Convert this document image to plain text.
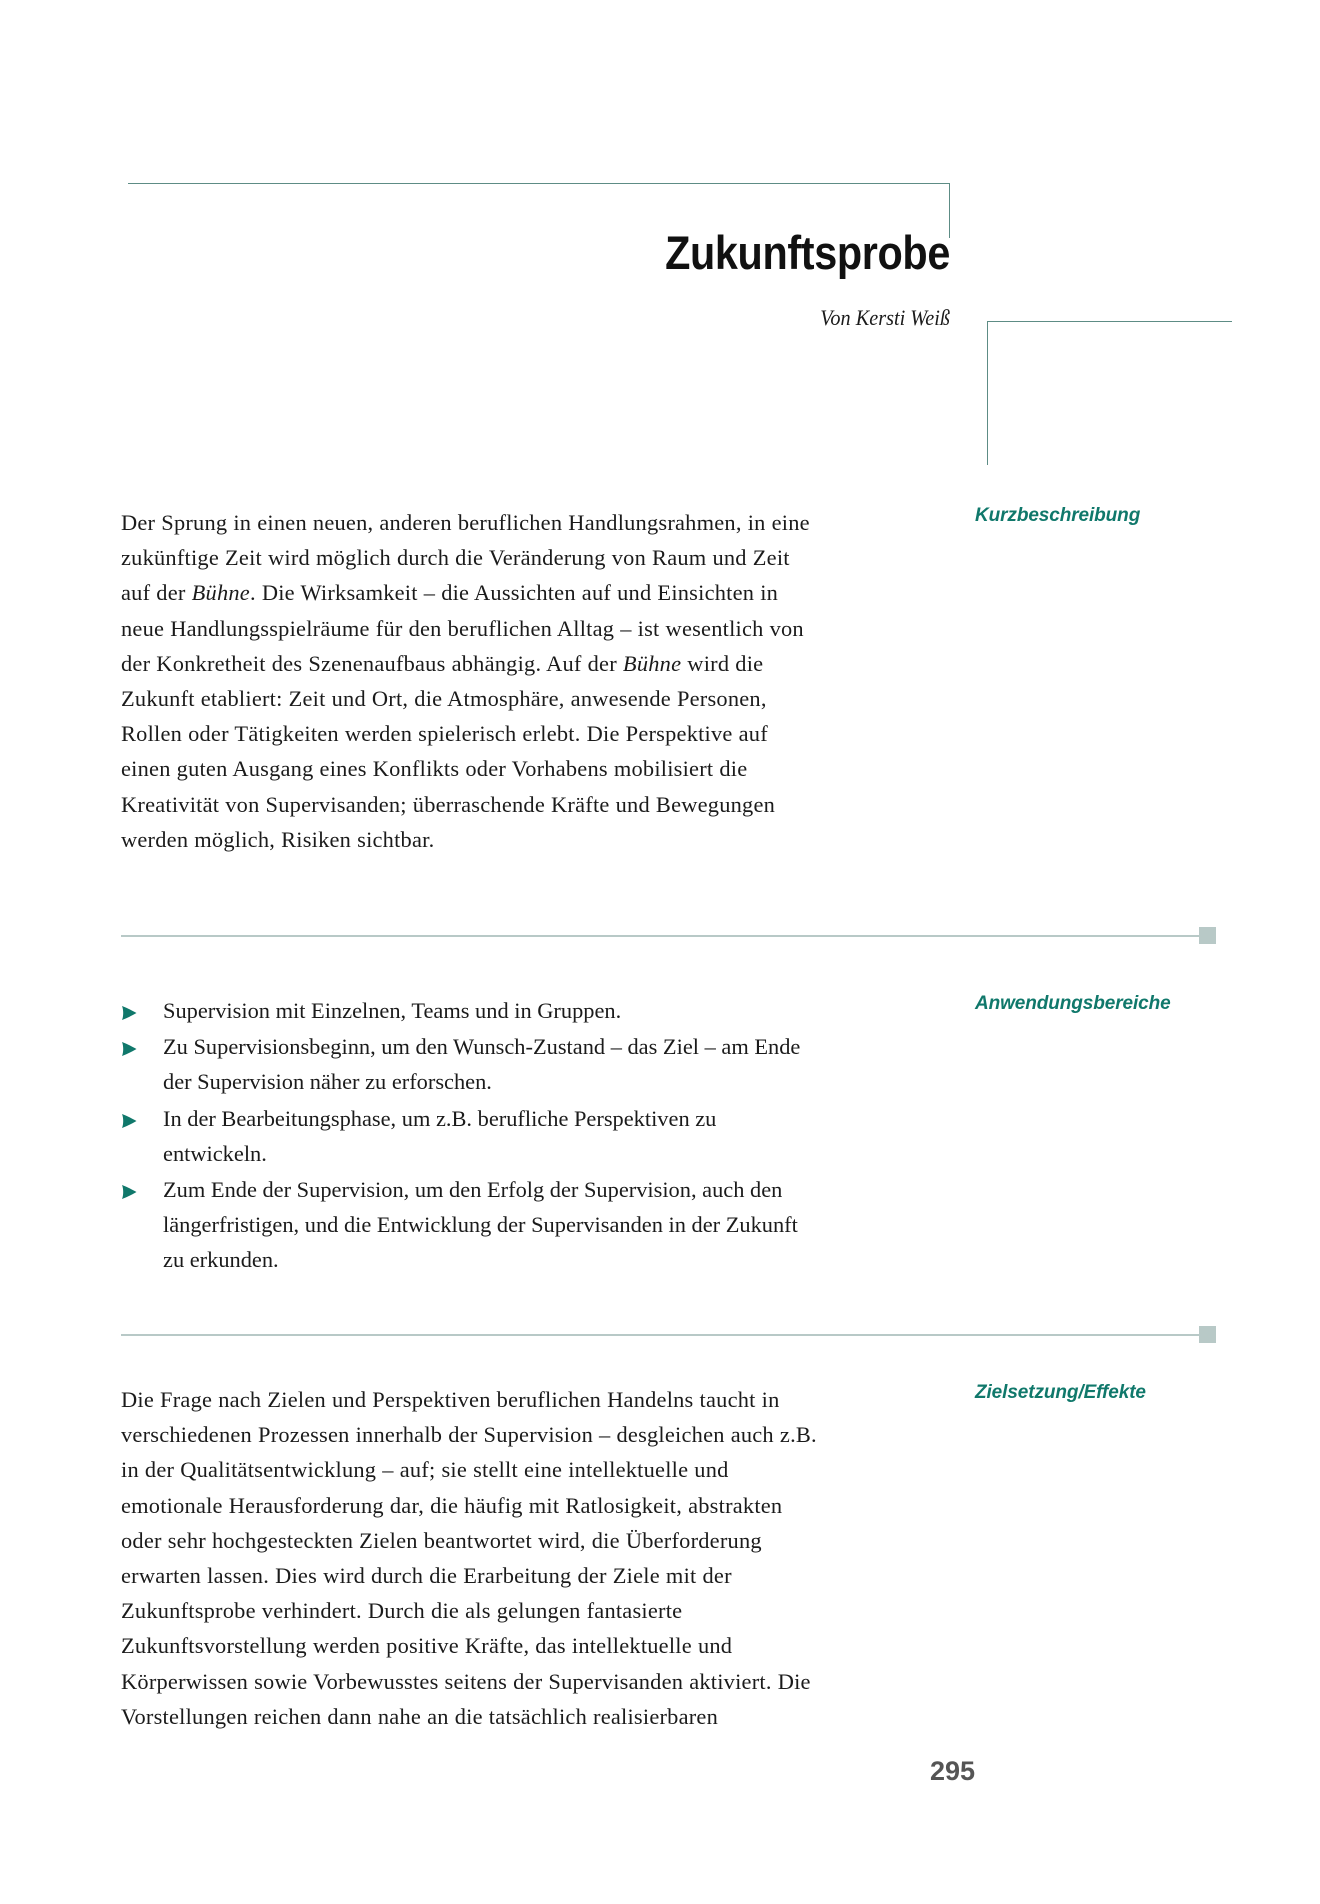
Zukunftsprobe

Von Kersti Weiß

Der Sprung in einen neuen, anderen beruflichen Handlungsrahmen, in eine zukünftige Zeit wird möglich durch die Veränderung von Raum und Zeit auf der Bühne. Die Wirksamkeit – die Aussichten auf und Einsichten in neue Handlungsspielräume für den beruflichen Alltag – ist wesentlich von der Konkretheit des Szenenaufbaus abhängig. Auf der Bühne wird die Zukunft etabliert: Zeit und Ort, die Atmosphäre, anwesende Personen, Rollen oder Tätigkeiten werden spielerisch erlebt. Die Perspektive auf einen guten Ausgang eines Konflikts oder Vorhabens mobilisiert die Kreativität von Supervisanden; überraschende Kräfte und Bewegungen werden möglich, Risiken sichtbar.

Kurzbeschreibung

Supervision mit Einzelnen, Teams und in Gruppen.
Zu Supervisionsbeginn, um den Wunsch-Zustand – das Ziel – am Ende der Supervision näher zu erforschen.
In der Bearbeitungsphase, um z.B. berufliche Perspektiven zu entwickeln.
Zum Ende der Supervision, um den Erfolg der Supervision, auch den längerfristigen, und die Entwicklung der Supervisanden in der Zukunft zu erkunden.

Anwendungsbereiche

Die Frage nach Zielen und Perspektiven beruflichen Handelns taucht in verschiedenen Prozessen innerhalb der Supervision – desgleichen auch z.B. in der Qualitätsentwicklung – auf; sie stellt eine intellektuelle und emotionale Herausforderung dar, die häufig mit Ratlosigkeit, abstrakten oder sehr hochgesteckten Zielen beantwortet wird, die Überforderung erwarten lassen. Dies wird durch die Erarbeitung der Ziele mit der Zukunftsprobe verhindert. Durch die als gelungen fantasierte Zukunftsvorstellung werden positive Kräfte, das intellektuelle und Körperwissen sowie Vorbewusstes seitens der Supervisanden aktiviert. Die Vorstellungen reichen dann nahe an die tatsächlich realisierbaren

Zielsetzung/Effekte

295
